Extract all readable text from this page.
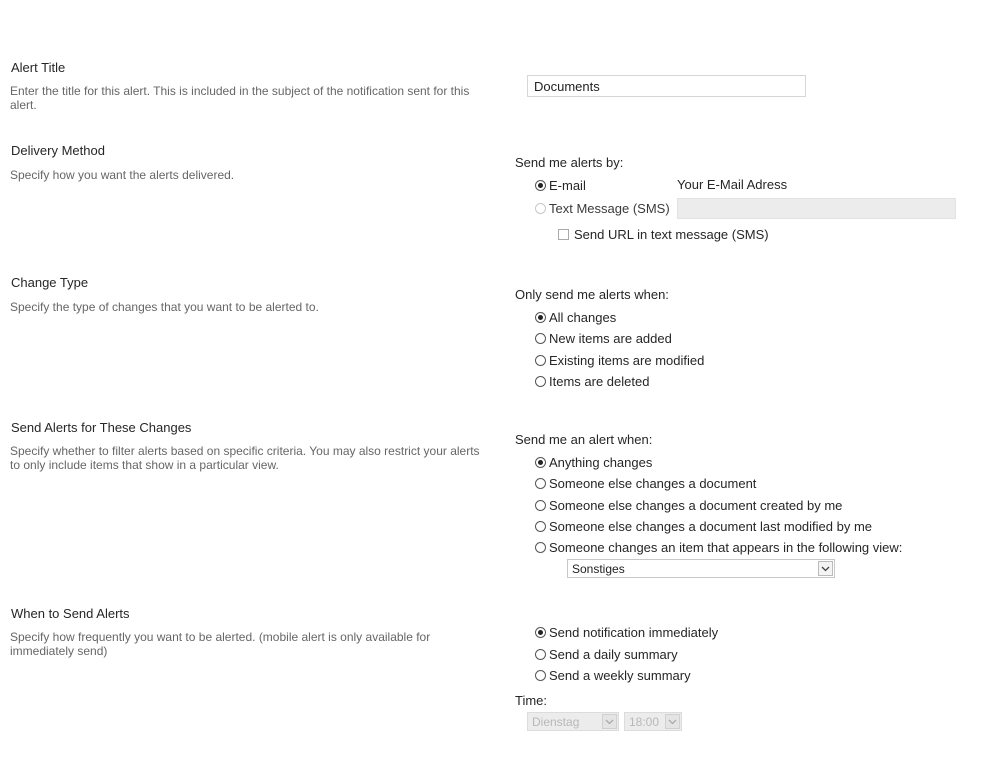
Alert Title
Enter the title for this alert. This is included in the subject of the notification sent for this alert.
Documents
Delivery Method
Specify how you want the alerts delivered.
Send me alerts by:
E-mail	Your E-Mail Adress
Text Message (SMS)
Send URL in text message (SMS)
Change Type
Specify the type of changes that you want to be alerted to.
Only send me alerts when:
All changes
New items are added
Existing items are modified
Items are deleted
Send Alerts for These Changes
Specify whether to filter alerts based on specific criteria. You may also restrict your alerts to only include items that show in a particular view.
Send me an alert when:
Anything changes
Someone else changes a document
Someone else changes a document created by me
Someone else changes a document last modified by me
Someone changes an item that appears in the following view:
Sonstiges
When to Send Alerts
Specify how frequently you want to be alerted. (mobile alert is only available for immediately send)
Send notification immediately
Send a daily summary
Send a weekly summary
Time:
Dienstag	18:00
